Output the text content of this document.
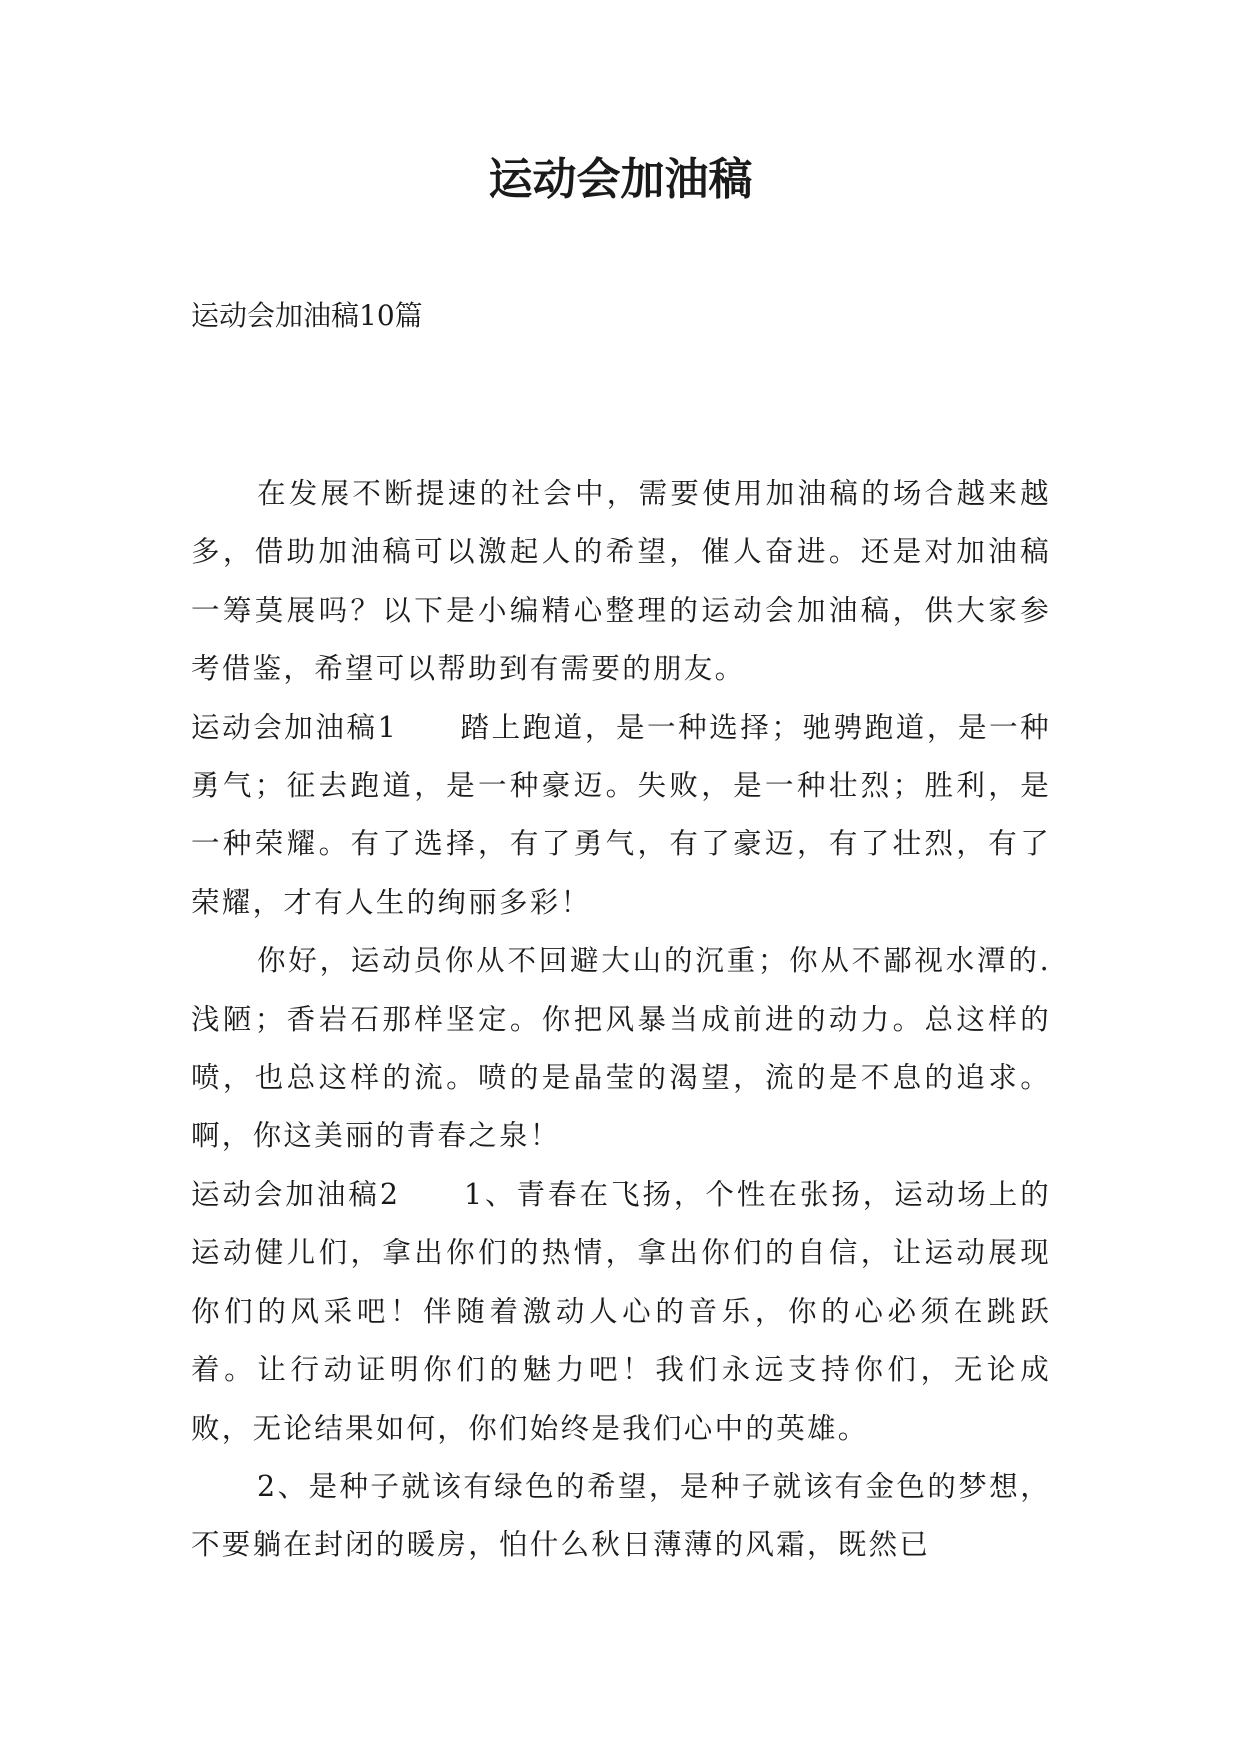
运动会加油稿

运动会加油稿10篇

在发展不断提速的社会中，需要使用加油稿的场合越来越多，借助加油稿可以激起人的希望，催人奋进。还是对加油稿一筹莫展吗？以下是小编精心整理的运动会加油稿，供大家参考借鉴，希望可以帮助到有需要的朋友。

运动会加油稿1　　踏上跑道，是一种选择；驰骋跑道，是一种勇气；征去跑道，是一种豪迈。失败，是一种壮烈；胜利，是一种荣耀。有了选择，有了勇气，有了豪迈，有了壮烈，有了荣耀，才有人生的绚丽多彩！

你好，运动员你从不回避大山的沉重；你从不鄙视水潭的.浅陋；香岩石那样坚定。你把风暴当成前进的动力。总这样的喷，也总这样的流。喷的是晶莹的渴望，流的是不息的追求。啊，你这美丽的青春之泉！

运动会加油稿2　　1、青春在飞扬，个性在张扬，运动场上的运动健儿们，拿出你们的热情，拿出你们的自信，让运动展现你们的风采吧！伴随着激动人心的音乐，你的心必须在跳跃着。让行动证明你们的魅力吧！我们永远支持你们，无论成败，无论结果如何，你们始终是我们心中的英雄。

2、是种子就该有绿色的希望，是种子就该有金色的梦想，不要躺在封闭的暖房，怕什么秋日薄薄的风霜，既然已
